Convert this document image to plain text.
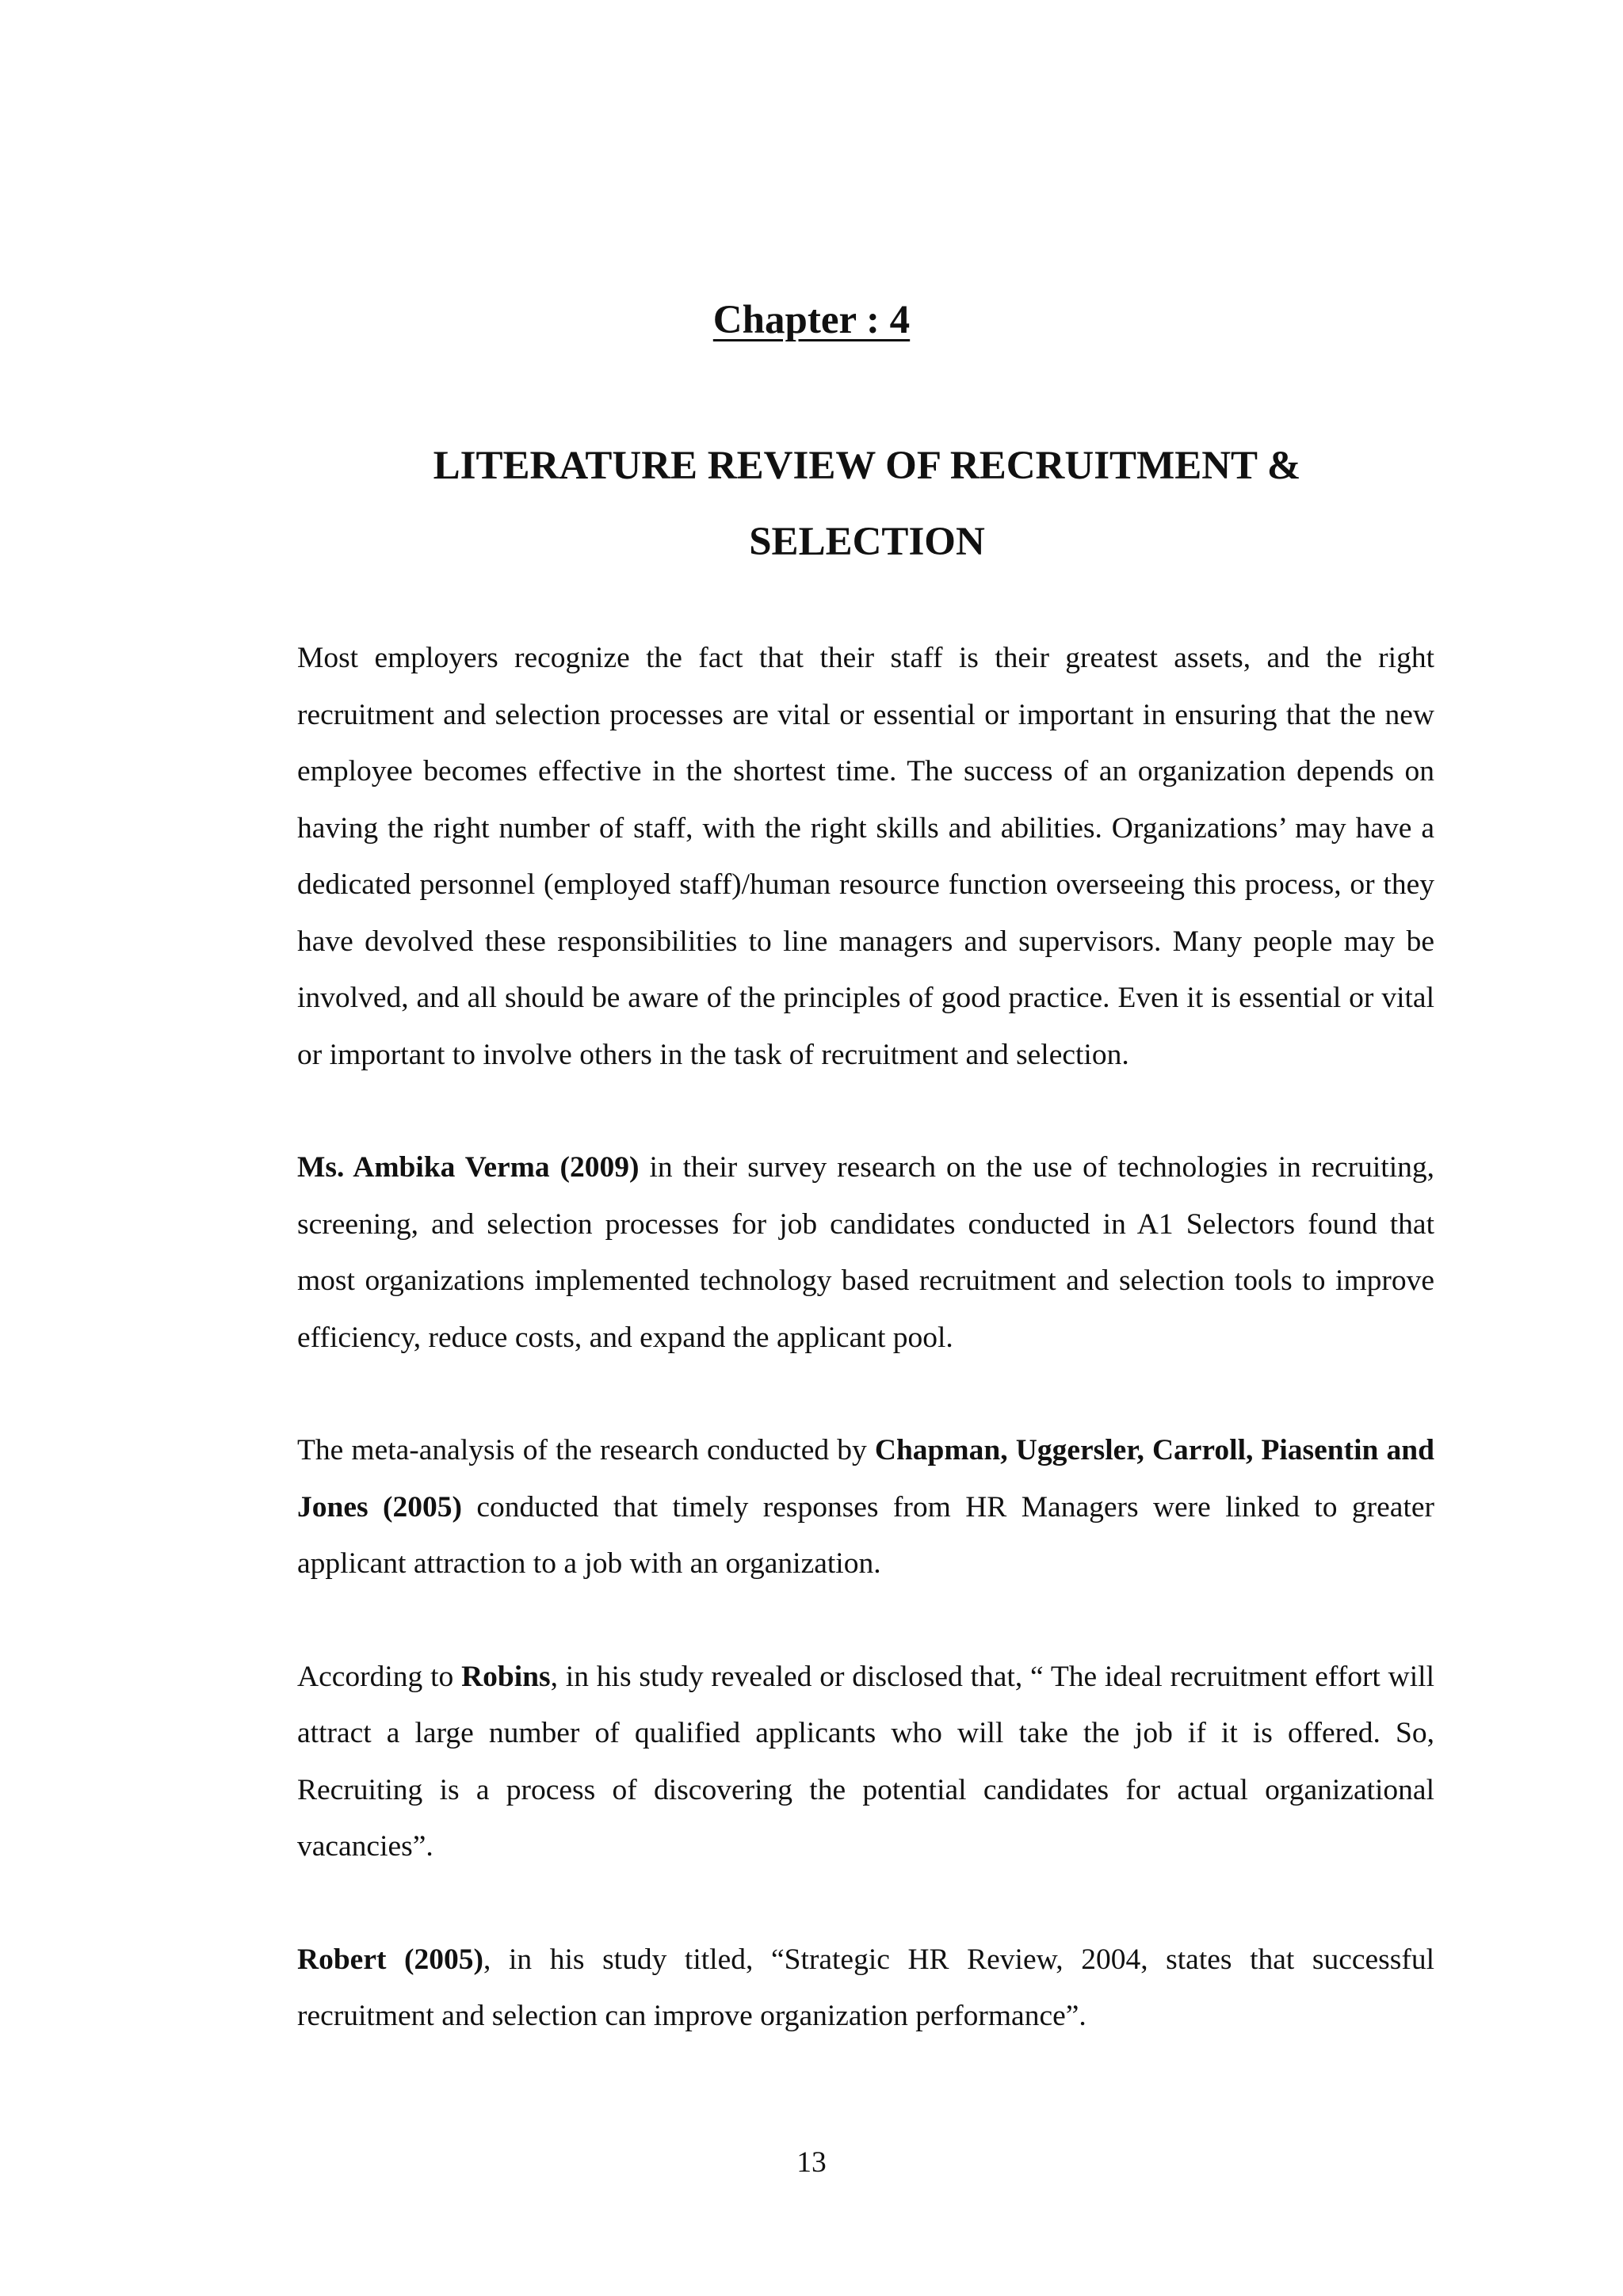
Chapter : 4
LITERATURE REVIEW OF RECRUITMENT &
SELECTION

Most employers recognize the fact that their staff is their greatest assets, and the right recruitment and selection processes are vital or essential or important in ensuring that the new employee becomes effective in the shortest time. The success of an organization depends on having the right number of staff, with the right skills and abilities. Organizations’ may have a dedicated personnel (employed staff)/human resource function overseeing this process, or they have devolved these responsibilities to line managers and supervisors. Many people may be involved, and all should be aware of the principles of good practice. Even it is essential or vital or important to involve others in the task of recruitment and selection.

Ms. Ambika Verma (2009) in their survey research on the use of technologies in recruiting, screening, and selection processes for job candidates conducted in A1 Selectors found that most organizations implemented technology based recruitment and selection tools to improve efficiency, reduce costs, and expand the applicant pool.

The meta-analysis of the research conducted by Chapman, Uggersler, Carroll, Piasentin and Jones (2005) conducted that timely responses from HR Managers were linked to greater applicant attraction to a job with an organization.

According to Robins, in his study revealed or disclosed that, “ The ideal recruitment effort will attract a large number of qualified applicants who will take the job if it is offered. So, Recruiting is a process of discovering the potential candidates for actual organizational vacancies”.

Robert (2005), in his study titled, “Strategic HR Review, 2004, states that successful recruitment and selection can improve organization performance”.

13
